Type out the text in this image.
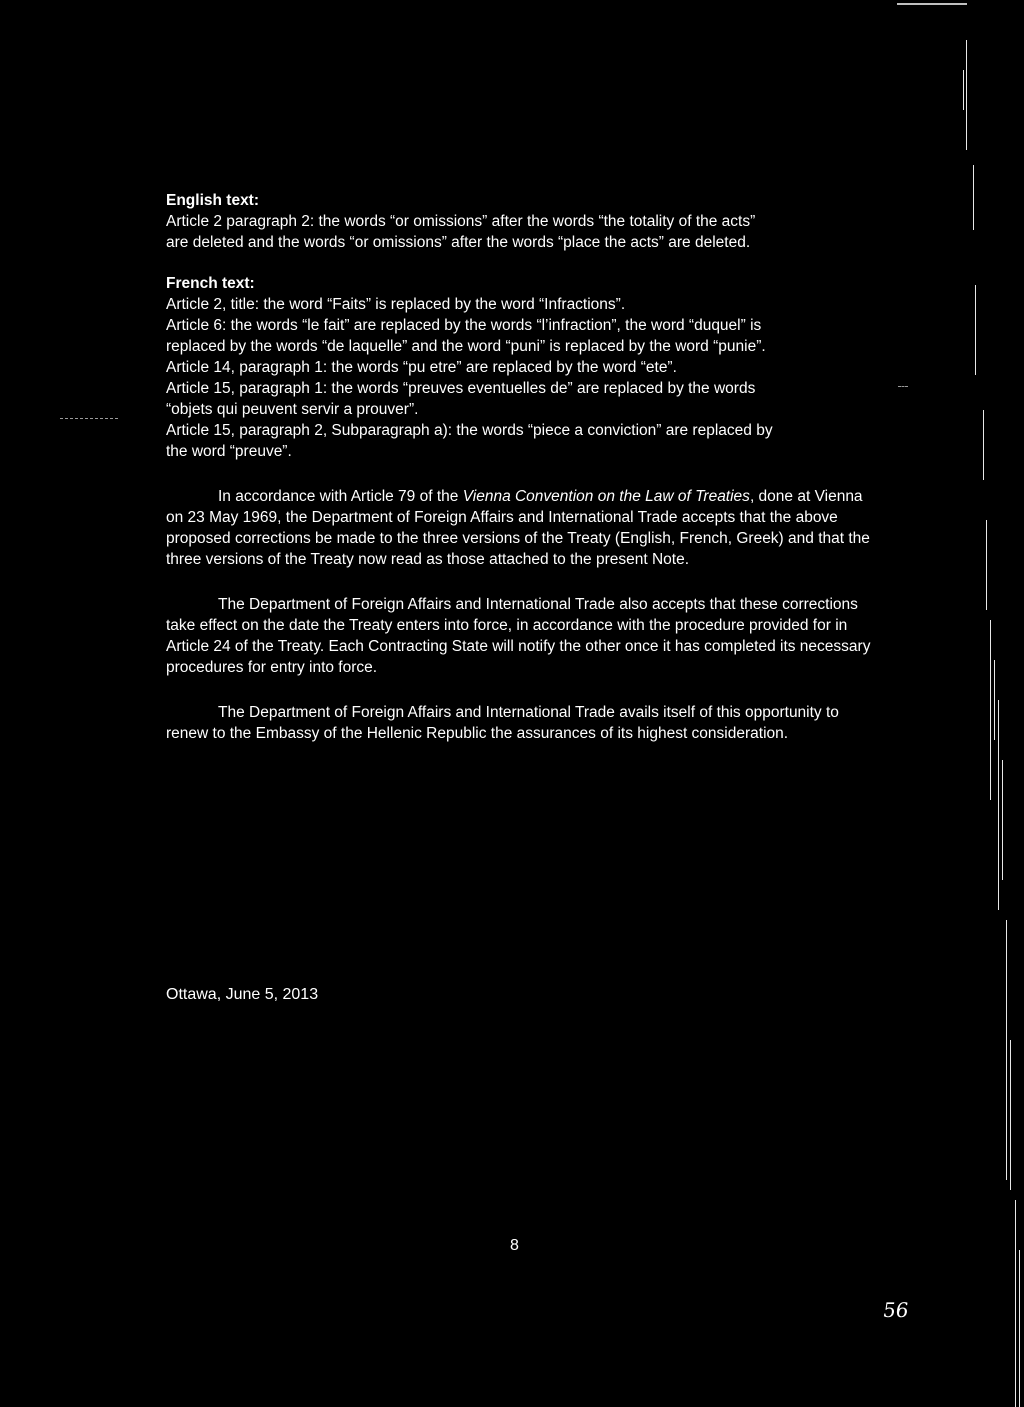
English text:
Article 2 paragraph 2: the words “or omissions” after the words “the totality of the acts”
are deleted and the words “or omissions” after the words “place the acts” are deleted.
French text:
Article 2, title: the word “Faits” is replaced by the word “Infractions”.
Article 6: the words “le fait” are replaced by the words “l’infraction”, the word “duquel” is
replaced by the words “de laquelle” and the word “puni” is replaced by the word “punie”.
Article 14, paragraph 1: the words “pu etre” are replaced by the word “ete”.
Article 15, paragraph 1: the words “preuves eventuelles de” are replaced by the words
“objets qui peuvent servir a prouver”.
Article 15, paragraph 2, Subparagraph a): the words “piece a conviction” are replaced by
the word “preuve”.

In accordance with Article 79 of the Vienna Convention on the Law of Treaties, done at Vienna on 23 May 1969, the Department of Foreign Affairs and International Trade accepts that the above proposed corrections be made to the three versions of the Treaty (English, French, Greek) and that the three versions of the Treaty now read as those attached to the present Note.

The Department of Foreign Affairs and International Trade also accepts that these corrections take effect on the date the Treaty enters into force, in accordance with the procedure provided for in Article 24 of the Treaty. Each Contracting State will notify the other once it has completed its necessary procedures for entry into force.

The Department of Foreign Affairs and International Trade avails itself of this opportunity to renew to the Embassy of the Hellenic Republic the assurances of its highest consideration.

Ottawa, June 5, 2013
8
56
